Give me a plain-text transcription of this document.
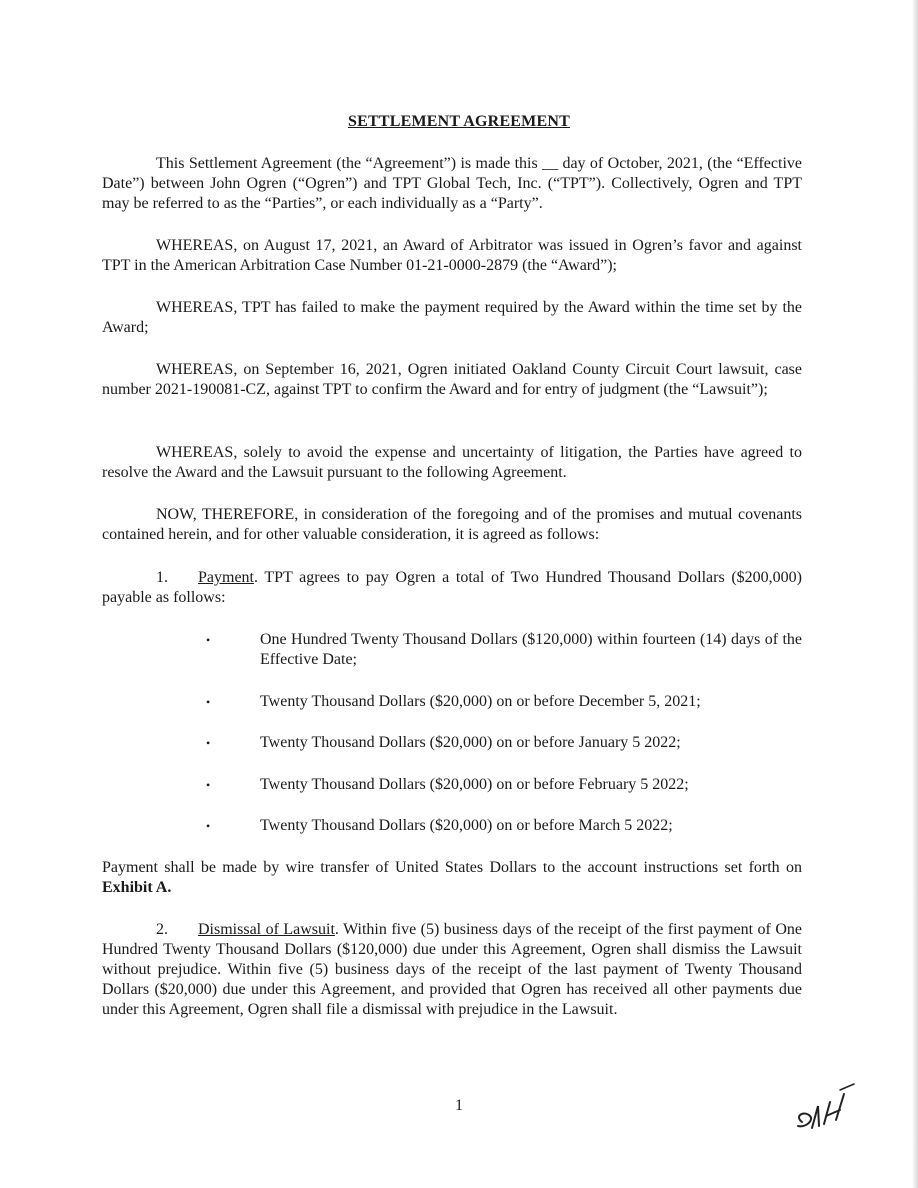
SETTLEMENT AGREEMENT

This Settlement Agreement (the “Agreement”) is made this __ day of October, 2021, (the “Effective Date”) between John Ogren (“Ogren”) and TPT Global Tech, Inc. (“TPT”). Collectively, Ogren and TPT may be referred to as the “Parties”, or each individually as a “Party”.

WHEREAS, on August 17, 2021, an Award of Arbitrator was issued in Ogren’s favor and against TPT in the American Arbitration Case Number 01-21-0000-2879 (the “Award”);

WHEREAS, TPT has failed to make the payment required by the Award within the time set by the Award;

WHEREAS, on September 16, 2021, Ogren initiated Oakland County Circuit Court lawsuit, case number 2021-190081-CZ, against TPT to confirm the Award and for entry of judgment (the “Lawsuit”);

WHEREAS, solely to avoid the expense and uncertainty of litigation, the Parties have agreed to resolve the Award and the Lawsuit pursuant to the following Agreement.

NOW, THEREFORE, in consideration of the foregoing and of the promises and mutual covenants contained herein, and for other valuable consideration, it is agreed as follows:

1. Payment. TPT agrees to pay Ogren a total of Two Hundred Thousand Dollars ($200,000) payable as follows:

•	One Hundred Twenty Thousand Dollars ($120,000) within fourteen (14) days of the Effective Date;
•	Twenty Thousand Dollars ($20,000) on or before December 5, 2021;
•	Twenty Thousand Dollars ($20,000) on or before January 5 2022;
•	Twenty Thousand Dollars ($20,000) on or before February 5 2022;
•	Twenty Thousand Dollars ($20,000) on or before March 5 2022;

Payment shall be made by wire transfer of United States Dollars to the account instructions set forth on Exhibit A.

2. Dismissal of Lawsuit. Within five (5) business days of the receipt of the first payment of One Hundred Twenty Thousand Dollars ($120,000) due under this Agreement, Ogren shall dismiss the Lawsuit without prejudice. Within five (5) business days of the receipt of the last payment of Twenty Thousand Dollars ($20,000) due under this Agreement, and provided that Ogren has received all other payments due under this Agreement, Ogren shall file a dismissal with prejudice in the Lawsuit.

1
